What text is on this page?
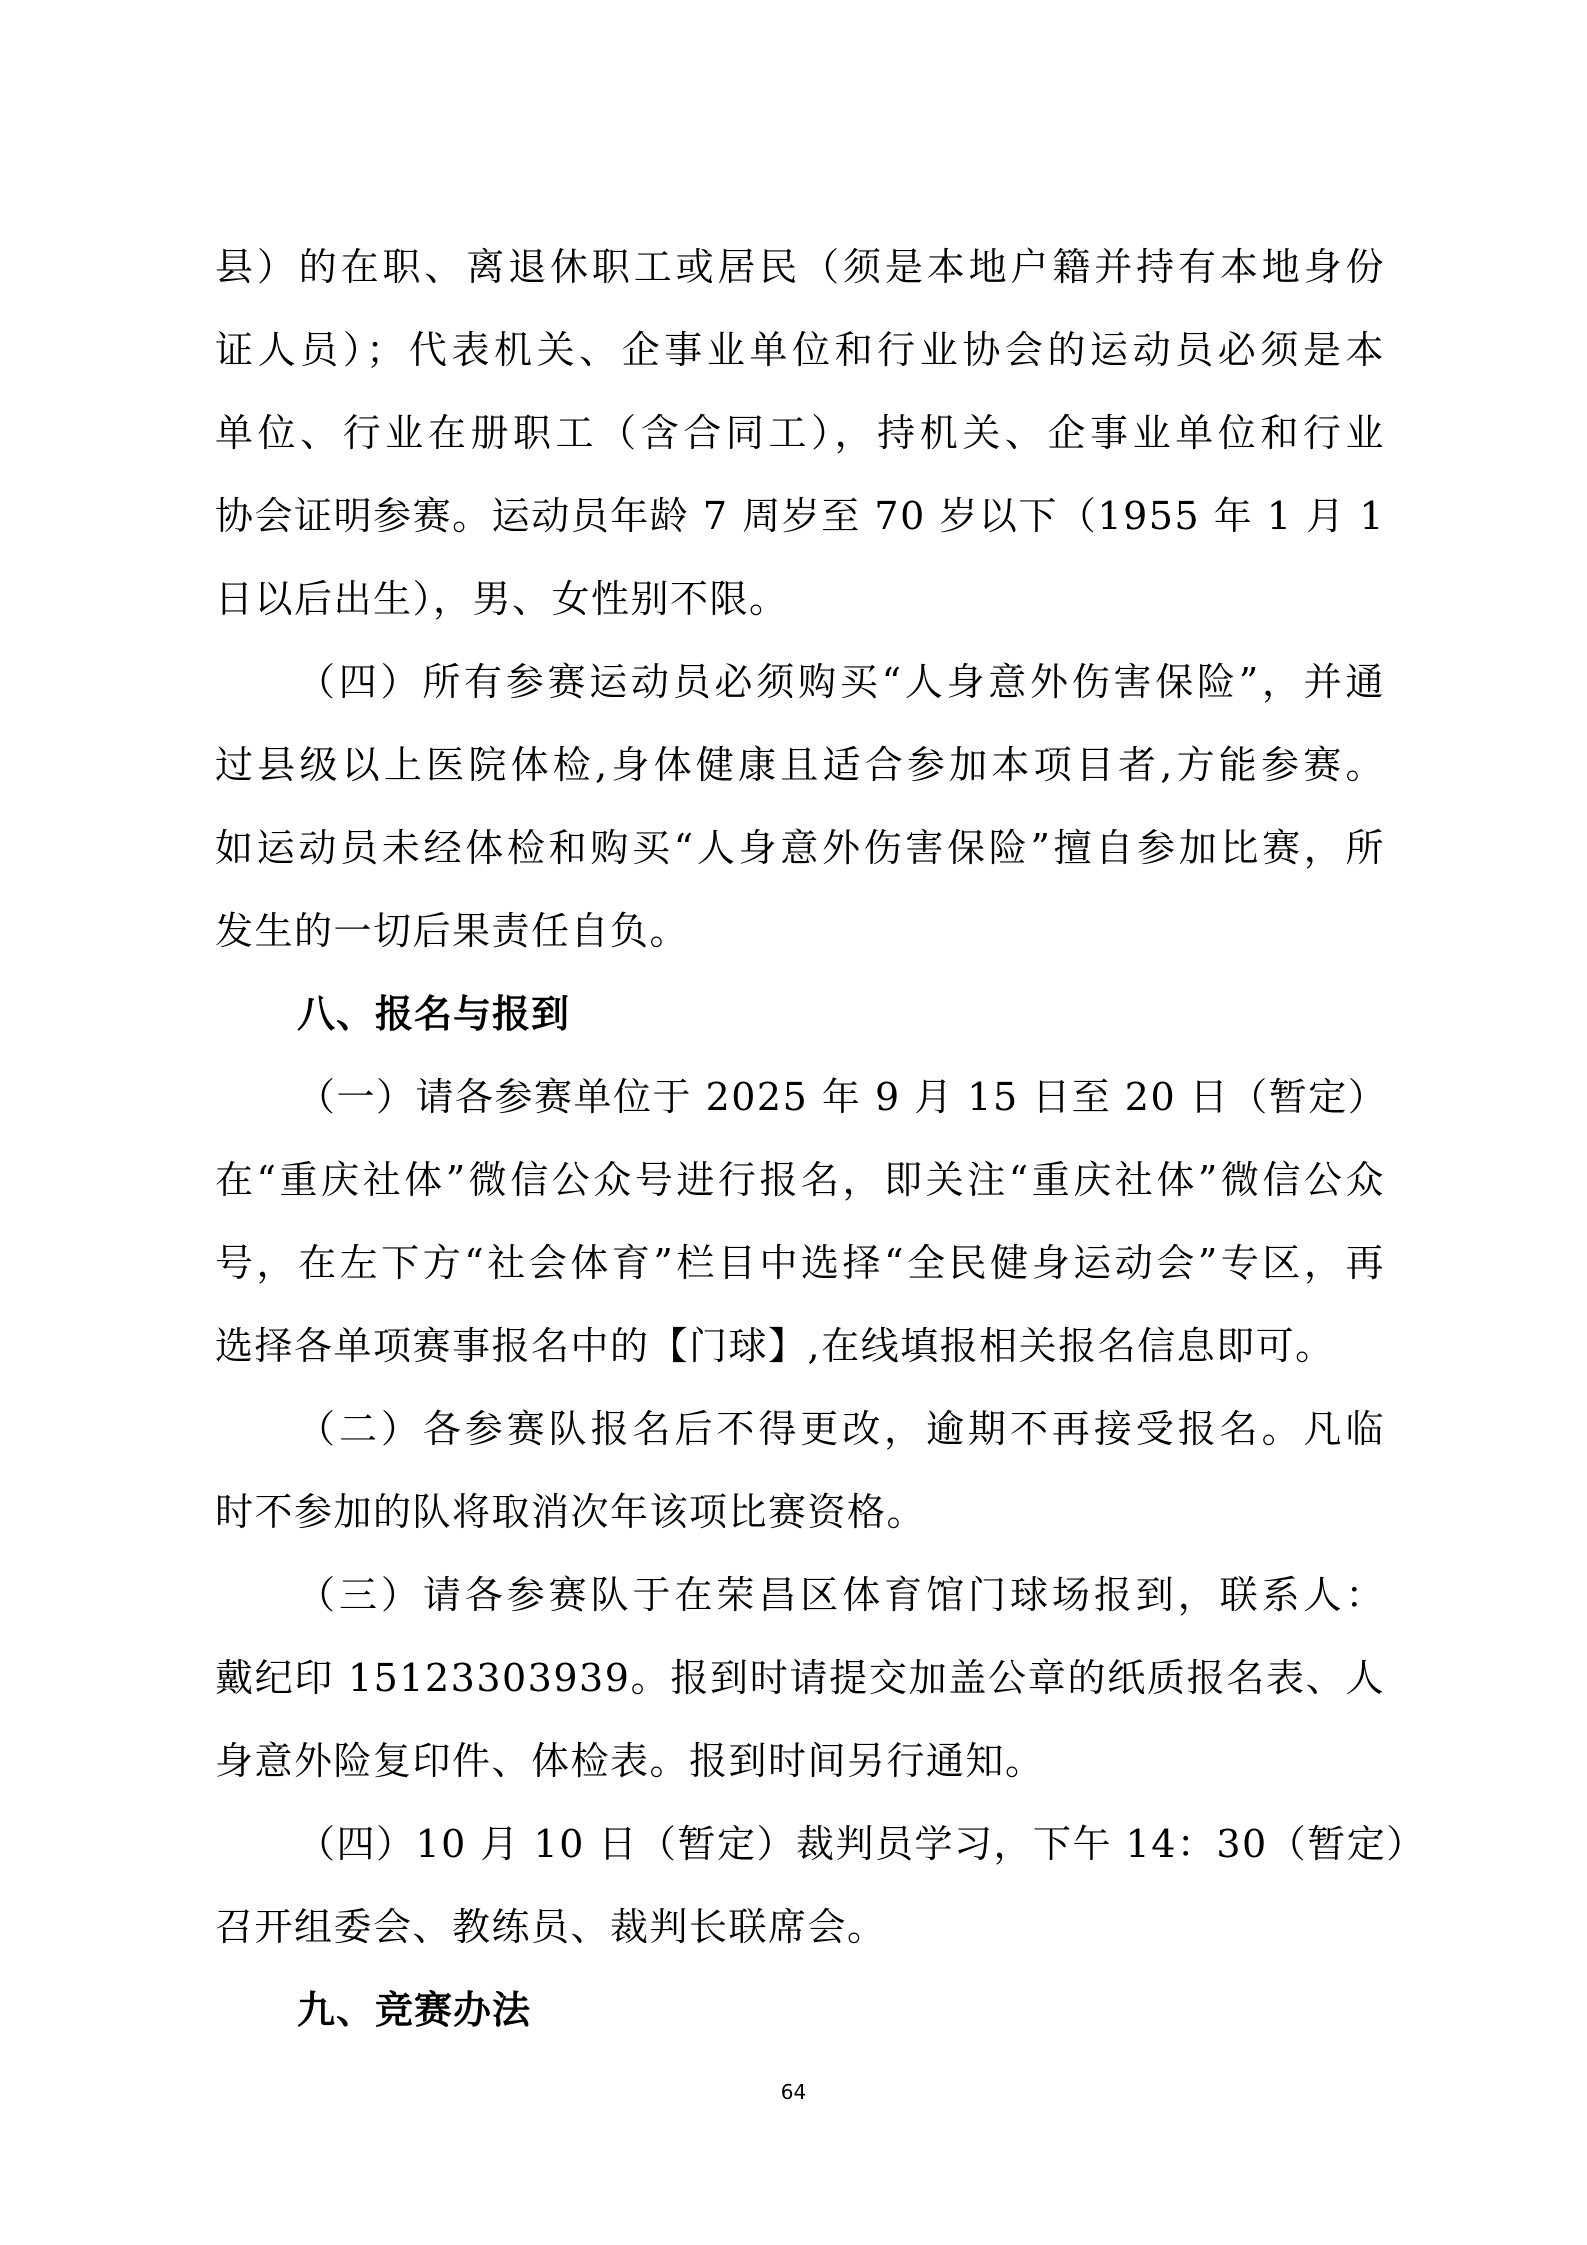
县）的在职、离退休职工或居民（须是本地户籍并持有本地身份
证人员）；代表机关、企事业单位和行业协会的运动员必须是本
单位、行业在册职工（含合同工），持机关、企事业单位和行业
协会证明参赛。运动员年龄 7 周岁至 70 岁以下（1955 年 1 月 1
日以后出生），男、女性别不限。
（四）所有参赛运动员必须购买“人身意外伤害保险”，并通
过县级以上医院体检,身体健康且适合参加本项目者,方能参赛。
如运动员未经体检和购买“人身意外伤害保险”擅自参加比赛，所
发生的一切后果责任自负。
八、报名与报到
（一）请各参赛单位于 2025 年 9 月 15 日至 20 日（暂定）
在“重庆社体”微信公众号进行报名，即关注“重庆社体”微信公众
号，在左下方“社会体育”栏目中选择“全民健身运动会”专区，再
选择各单项赛事报名中的【门球】,在线填报相关报名信息即可。
（二）各参赛队报名后不得更改，逾期不再接受报名。凡临
时不参加的队将取消次年该项比赛资格。
（三）请各参赛队于在荣昌区体育馆门球场报到，联系人：
戴纪印 15123303939。报到时请提交加盖公章的纸质报名表、人
身意外险复印件、体检表。报到时间另行通知。
（四）10 月 10 日（暂定）裁判员学习，下午 14：30（暂定）
召开组委会、教练员、裁判长联席会。
九、竞赛办法
64
